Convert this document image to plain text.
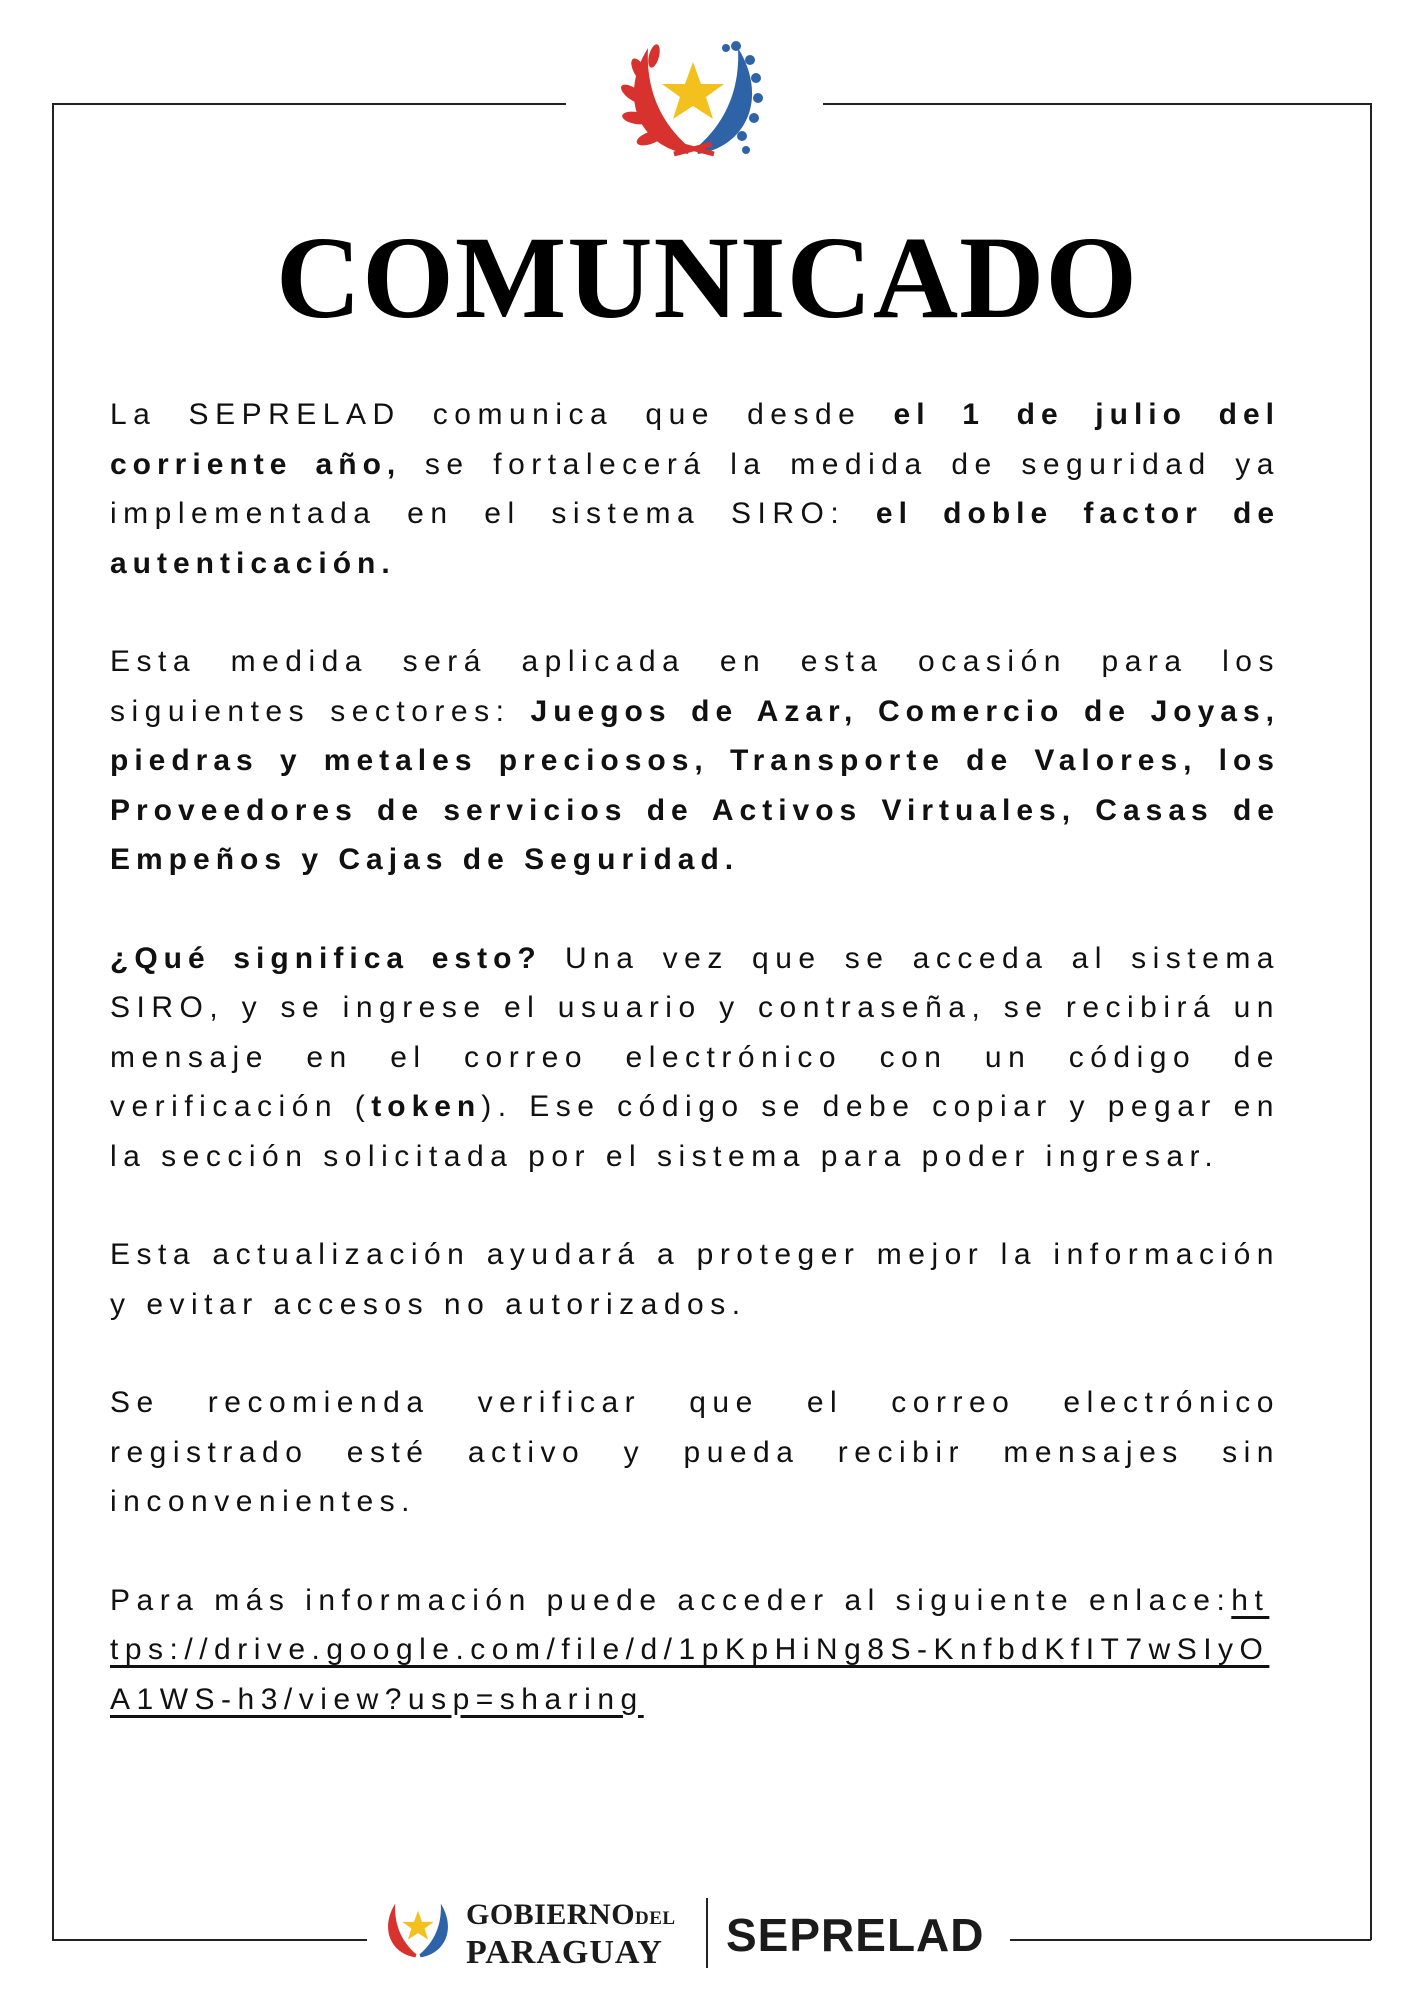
COMUNICADO

La SEPRELAD comunica que desde el 1 de julio del corriente año, se fortalecerá la medida de seguridad ya implementada en el sistema SIRO: el doble factor de autenticación.

Esta medida será aplicada en esta ocasión para los siguientes sectores: Juegos de Azar, Comercio de Joyas, piedras y metales preciosos, Transporte de Valores, los Proveedores de servicios de Activos Virtuales, Casas de Empeños y Cajas de Seguridad.

¿Qué significa esto? Una vez que se acceda al sistema SIRO, y se ingrese el usuario y contraseña, se recibirá un mensaje en el correo electrónico con un código de verificación (token). Ese código se debe copiar y pegar en la sección solicitada por el sistema para poder ingresar.

Esta actualización ayudará a proteger mejor la información y evitar accesos no autorizados.

Se recomienda verificar que el correo electrónico registrado esté activo y pueda recibir mensajes sin inconvenientes.

Para más información puede acceder al siguiente enlace:https://drive.google.com/file/d/1pKpHiNg8S-KnfbdKfIT7wSIyOA1WS-h3/view?usp=sharing

GOBIERNODEL
PARAGUAY SEPRELAD
